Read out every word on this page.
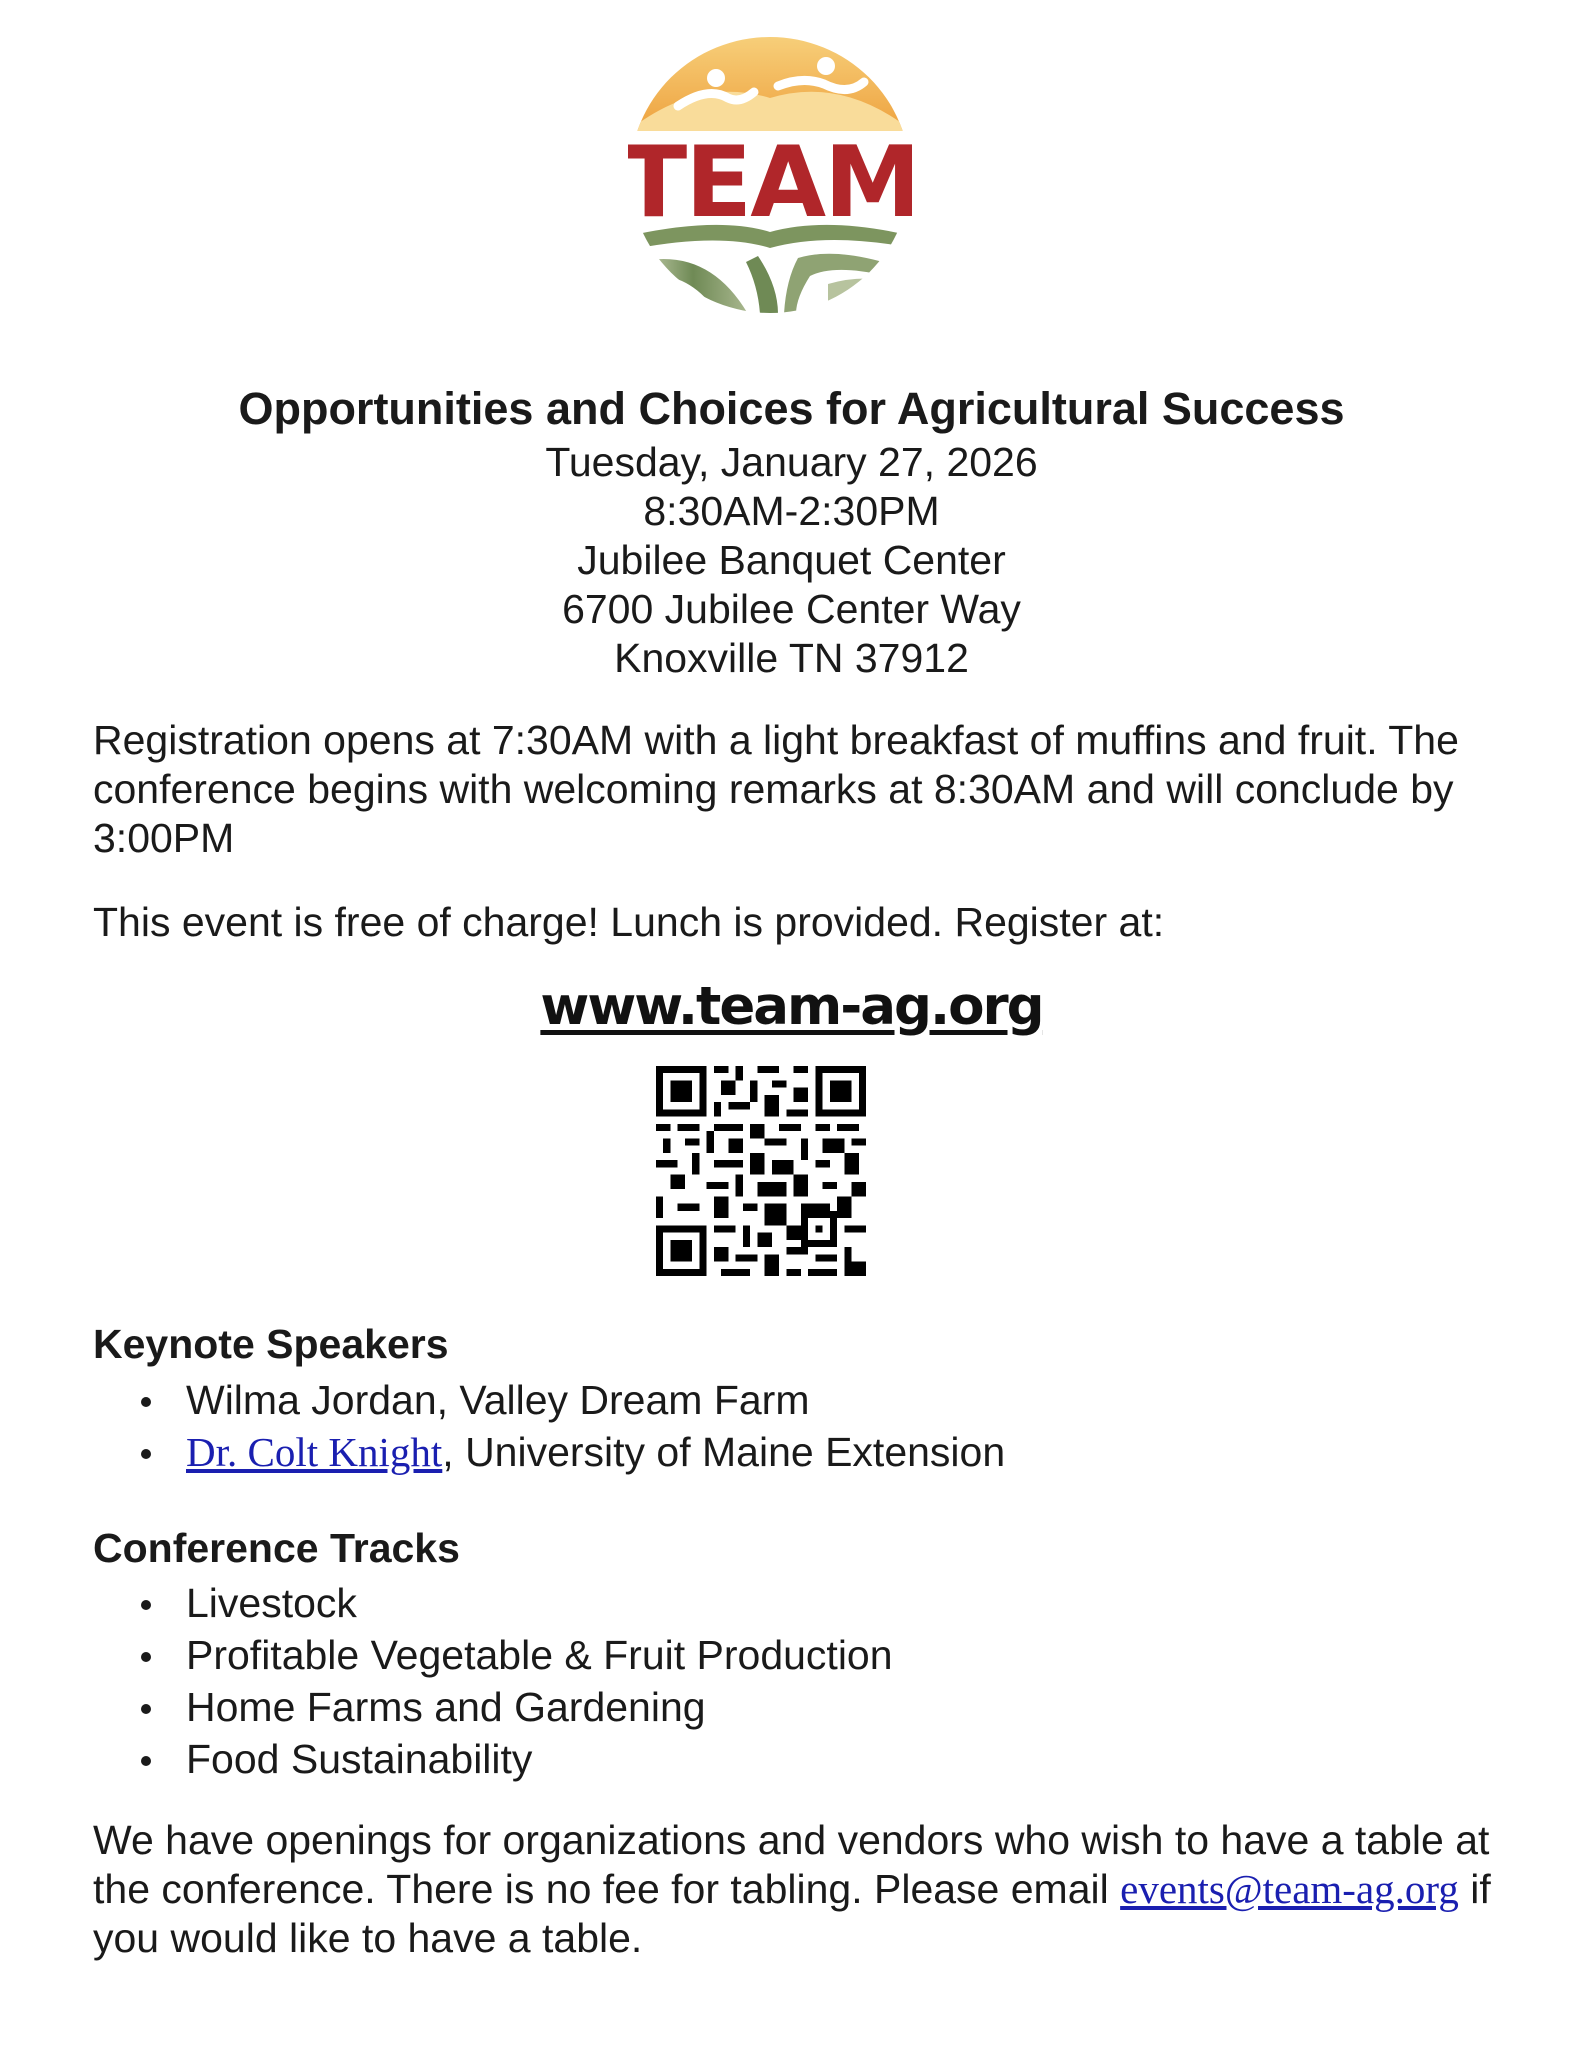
TEAM

Opportunities and Choices for Agricultural Success

Tuesday, January 27, 2026

8:30AM-2:30PM

Jubilee Banquet Center

6700 Jubilee Center Way

Knoxville TN 37912

Registration opens at 7:30AM with a light breakfast of muffins and fruit. The conference begins with welcoming remarks at 8:30AM and will conclude by 3:00PM

This event is free of charge! Lunch is provided. Register at:

www.team-ag.org

Keynote Speakers

Wilma Jordan, Valley Dream Farm
Dr. Colt Knight, University of Maine Extension

Conference Tracks

Livestock
Profitable Vegetable & Fruit Production
Home Farms and Gardening
Food Sustainability

We have openings for organizations and vendors who wish to have a table at the conference. There is no fee for tabling. Please email events@team-ag.org if you would like to have a table.
